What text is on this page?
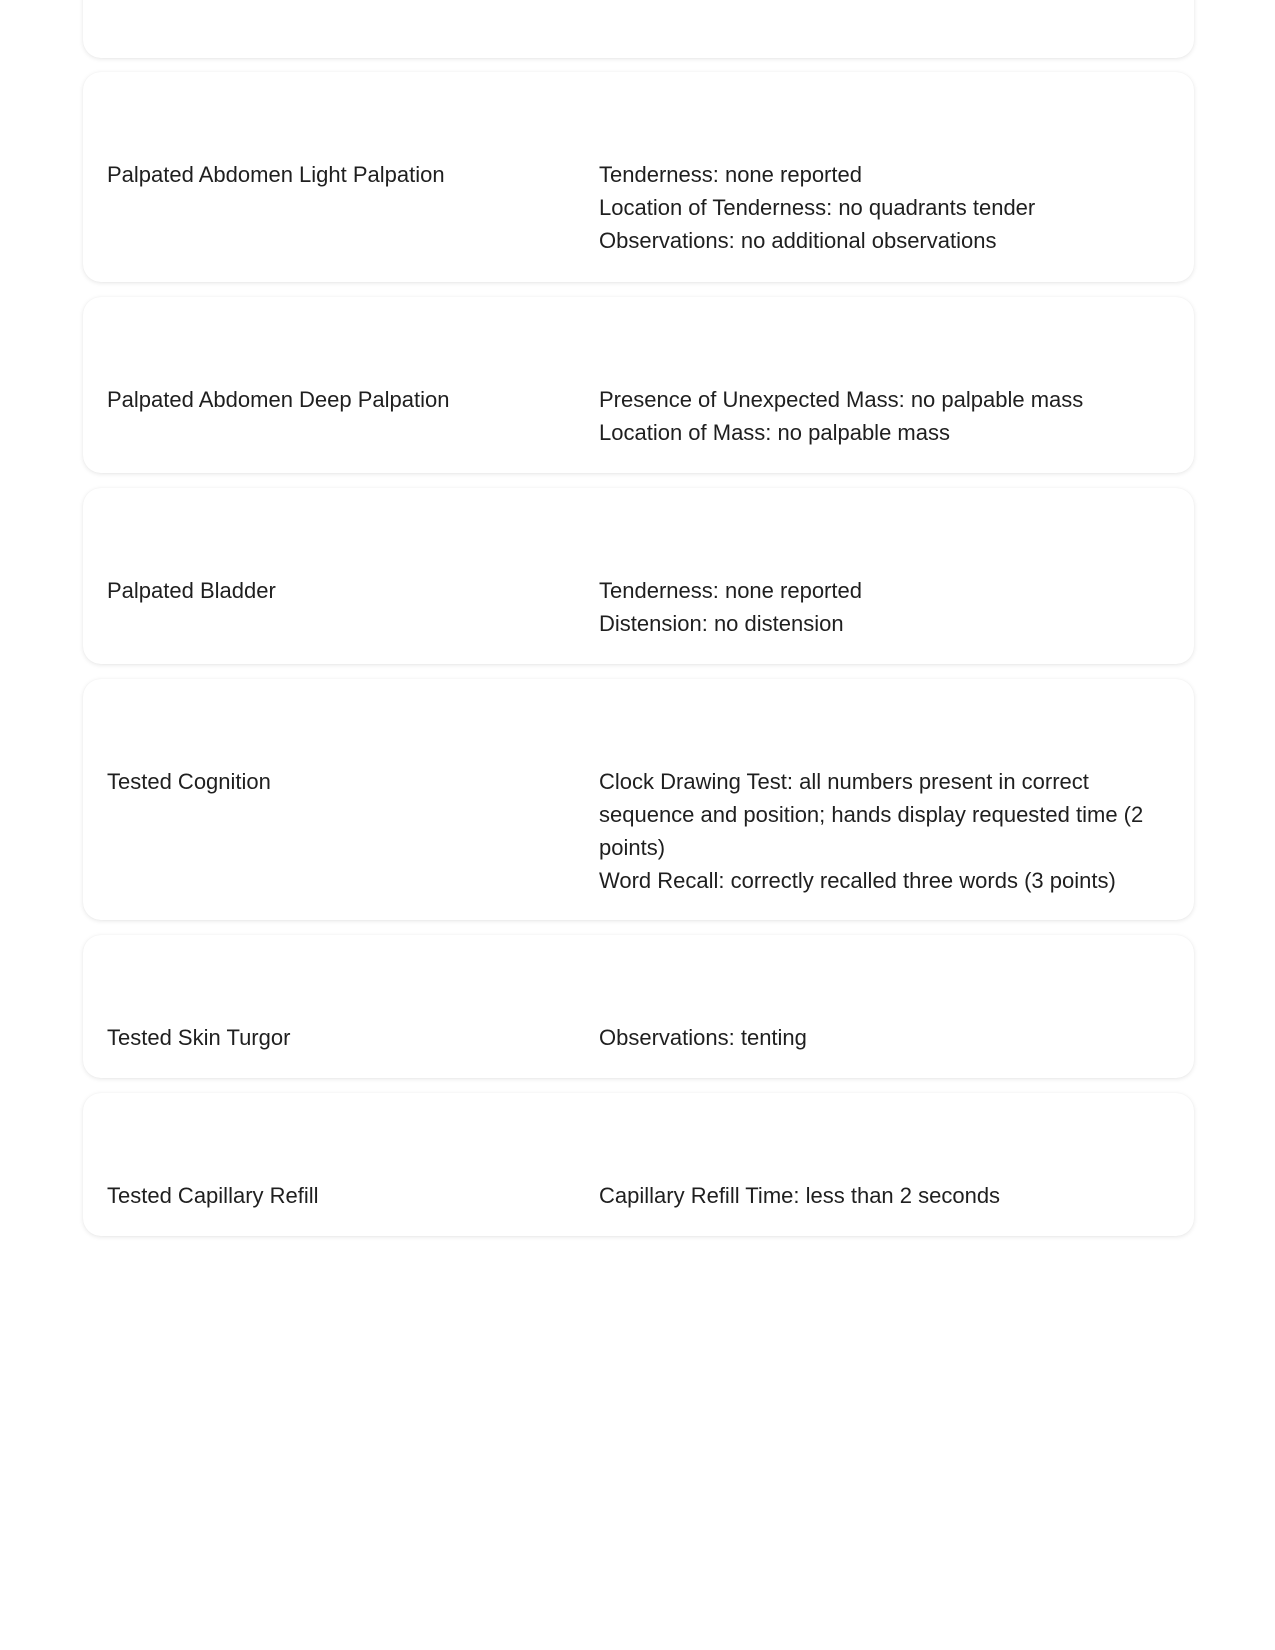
Palpated Abdomen Light Palpation	Tenderness: none reported
Location of Tenderness: no quadrants tender
Observations: no additional observations
Palpated Abdomen Deep Palpation	Presence of Unexpected Mass: no palpable mass
Location of Mass: no palpable mass
Palpated Bladder	Tenderness: none reported
Distension: no distension
Tested Cognition	Clock Drawing Test: all numbers present in correct sequence and position; hands display requested time (2 points)
Word Recall: correctly recalled three words (3 points)
Tested Skin Turgor	Observations: tenting
Tested Capillary Refill	Capillary Refill Time: less than 2 seconds
